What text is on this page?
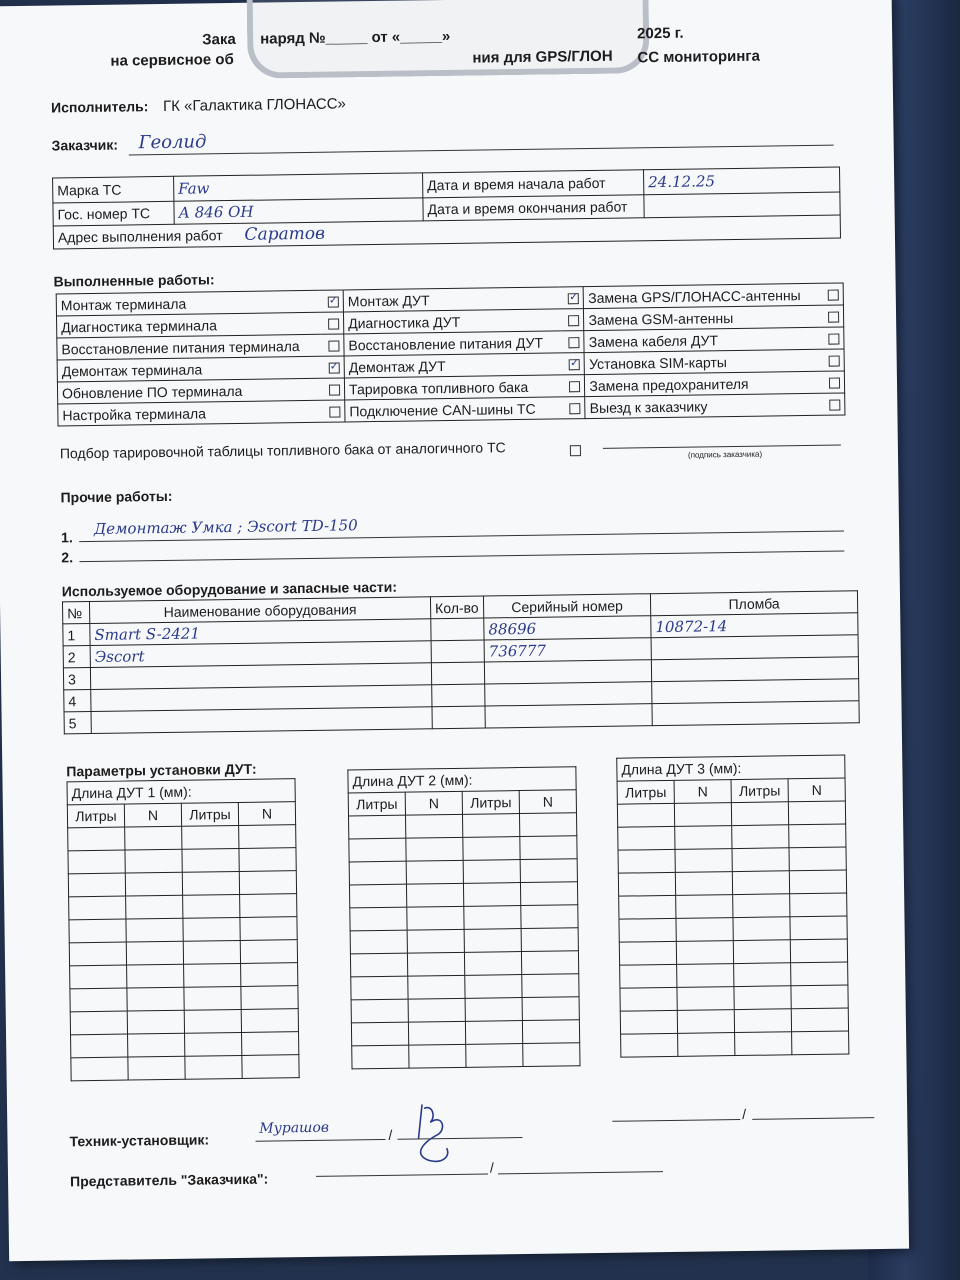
Зака наряд №_____ от «_____»	2025 г.
на сервисное об	ния для GPS/ГЛОН СС мониторинга
Исполнитель: ГК «Галактика ГЛОНАСС»
Заказчик: Геолид
Марка ТС	Faw	Дата и время начала работ	24.12.25
Гос. номер ТС	А 846 ОН	Дата и время окончания работ	
Адрес выполнения работ Саратов			
Выполненные работы:
Монтаж терминала	✓	Монтаж ДУТ	✓	Замена GPS/ГЛОНАСС-антенны	
Диагностика терминала		Диагностика ДУТ		Замена GSM-антенны	
Восстановление питания терминала		Восстановление питания ДУТ		Замена кабеля ДУТ	
Демонтаж терминала	✓	Демонтаж ДУТ	✓	Установка SIM-карты	
Обновление ПО терминала		Тарировка топливного бака		Замена предохранителя	
Настройка терминала		Подключение CAN-шины ТС		Выезд к заказчику	
Подбор тарировочной таблицы топливного бака от аналогичного ТС	(подпись заказчика)
Прочие работы:
1. Демонтаж Умка ; Эscort TD-150
2.
Используемое оборудование и запасные части:
№	Наименование оборудования	Кол-во	Серийный номер	Пломба
1	Smart S-2421		88696	10872-14
2	Эscort		736777	
3				
4				
5				
Параметры установки ДУТ:
Длина ДУТ 1 (мм):			
Литры	N	Литры	N

Длина ДУТ 2 (мм):			
Литры	N	Литры	N

Длина ДУТ 3 (мм):			
Литры	N	Литры	N

Техник-установщик:
Мурашов	/
/
Представитель "Заказчика":
/
